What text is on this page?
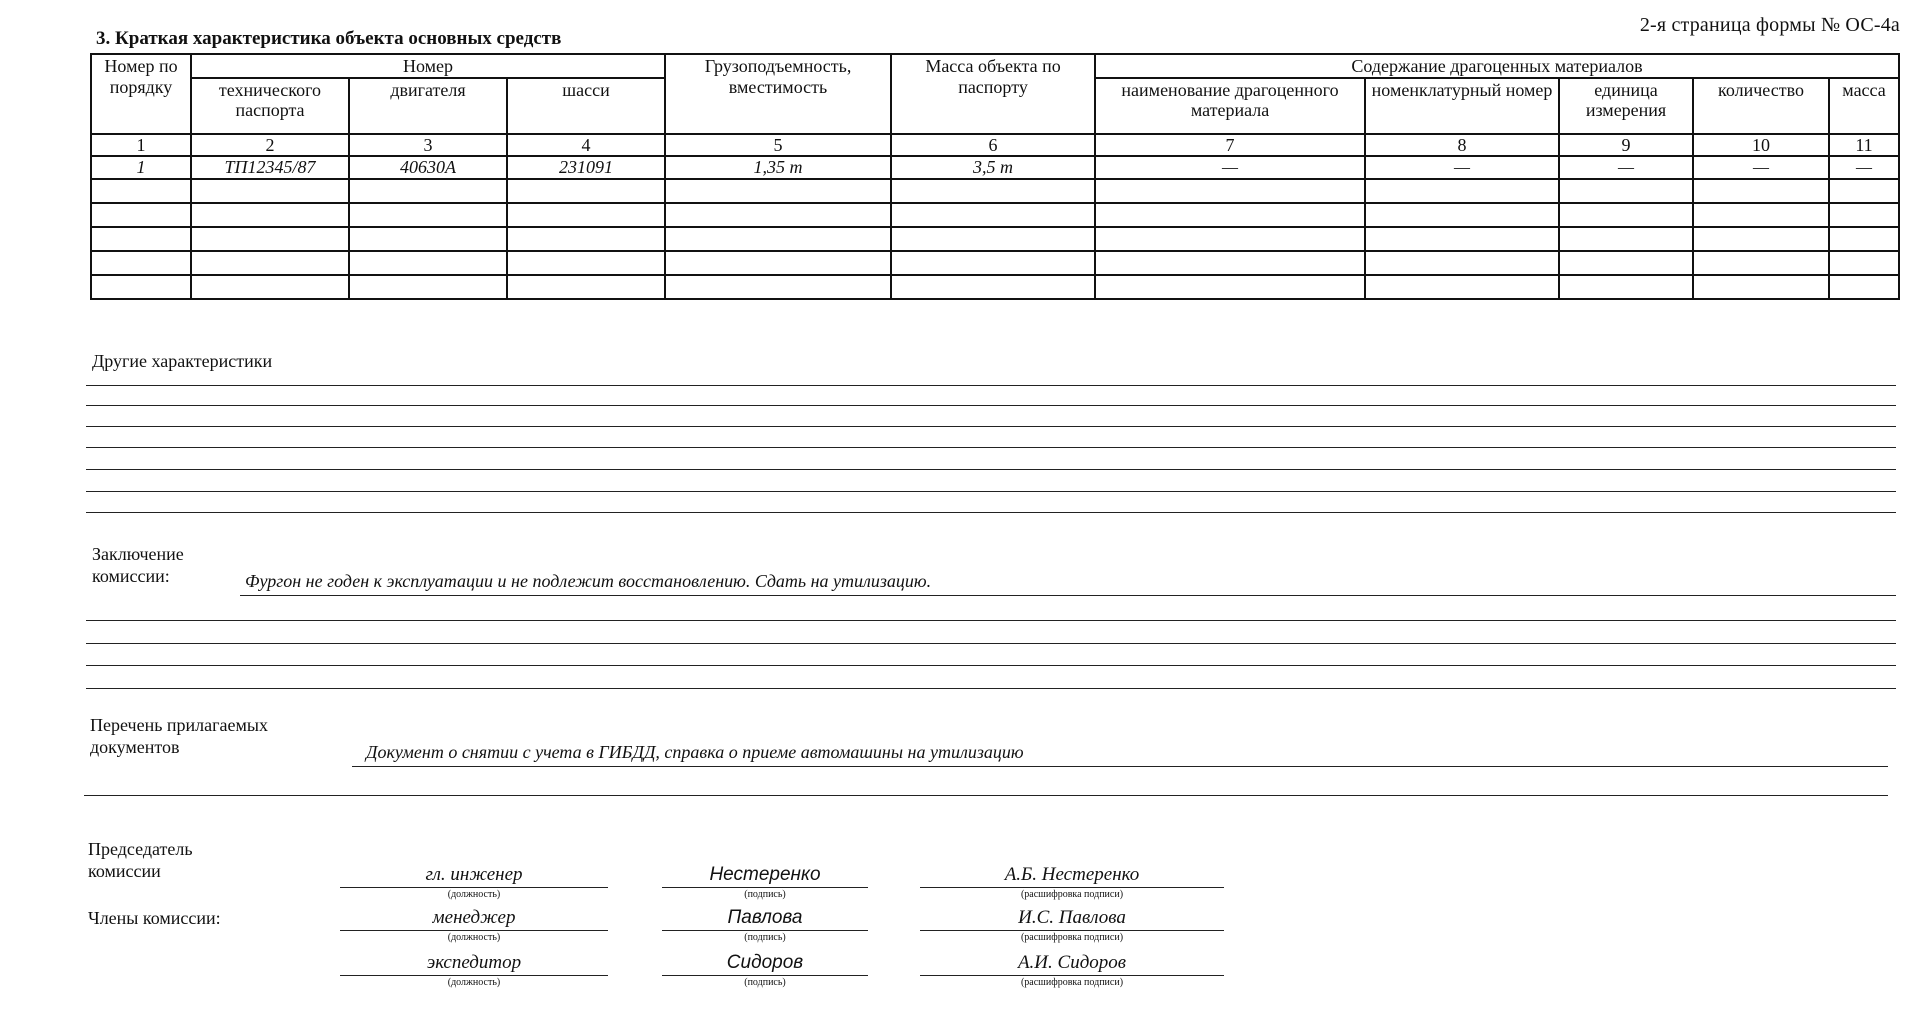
2-я страница формы № ОС-4а
3. Краткая характеристика объекта основных средств
Номер по порядку	Номер			Грузоподъемность, вместимость	Масса объекта по паспорту	Содержание драгоценных материалов				
	технического паспорта	двигателя	шасси			наименование драгоценного материала	номенклатурный номер	единица измерения	количество	масса
1	2	3	4	5	6	7	8	9	10	11
1	ТП12345/87	40630А	231091	1,35 т	3,5 т	—	—	—	—	—

Другие характеристики
Заключение
комиссии:	Фургон не годен к эксплуатации и не подлежит восстановлению. Сдать на утилизацию.
Перечень прилагаемых
документов	Документ о снятии с учета в ГИБДД, справка о приеме автомашины на утилизацию
Председатель
комиссии
Члены комиссии:
гл. инженер
(должность)
Нестеренко
(подпись)
А.Б. Нестеренко
(расшифровка подписи)
менеджер
(должность)
Павлова
(подпись)
И.С. Павлова
(расшифровка подписи)
экспедитор
(должность)
Сидоров
(подпись)
А.И. Сидоров
(расшифровка подписи)
